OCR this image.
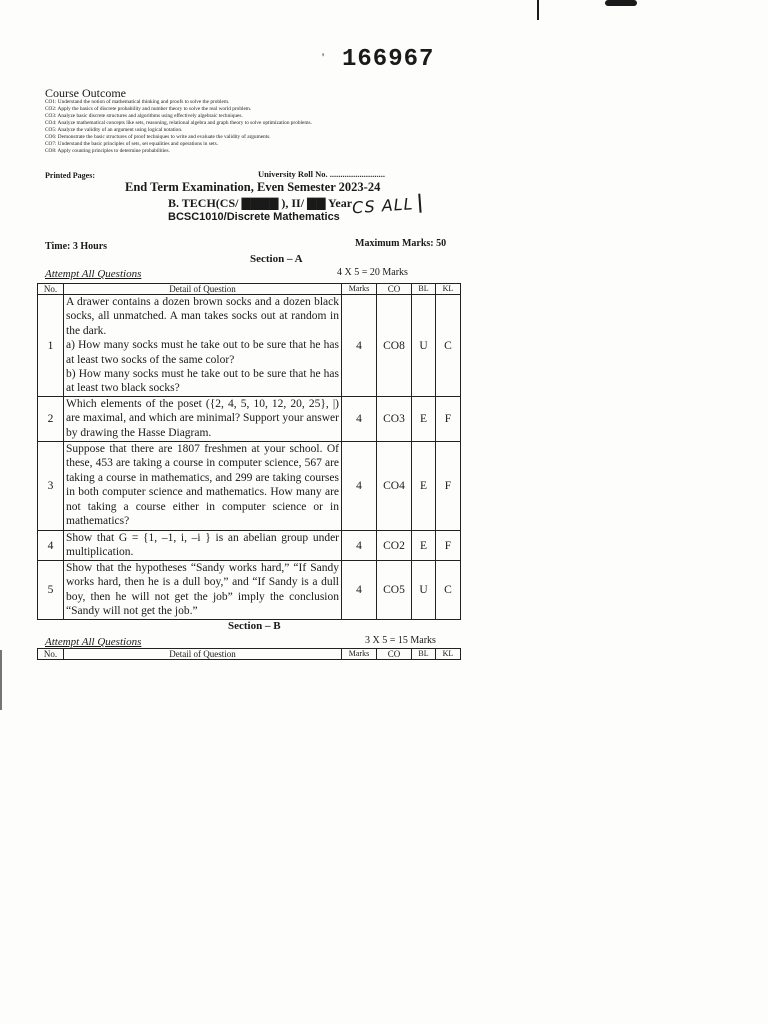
' 166967
Course Outcome
CO1: Understand the notion of mathematical thinking and proofs to solve the problem.
CO2: Apply the basics of discrete probability and number theory to solve the real world problem.
CO3: Analyze basic discrete structures and algorithms using effectively algebraic techniques.
CO4: Analyze mathematical concepts like sets, reasoning, relational algebra and graph theory to solve optimization problems.
CO5: Analyze the validity of an argument using logical notation.
CO6: Demonstrate the basic structures of proof techniques to write and evaluate the validity of arguments.
CO7: Understand the basic principles of sets, set equalities and operations in sets.
CO8: Apply counting principles to determine probabilities.
Printed Pages:	University Roll No. ..........................
End Term Examination, Even Semester 2023-24
B. TECH(CS/ ▇▇▇▇ ), II/ ▇▇ Year
BCSC1010/Discrete Mathematics CS ALL
Time: 3 Hours	Maximum Marks: 50
Section – A
Attempt All Questions	4 X 5 = 20 Marks
No.	Detail of Question	Marks	CO	BL	KL
1	A drawer contains a dozen brown socks and a dozen black socks, all unmatched. A man takes socks out at random in the dark.
a) How many socks must he take out to be sure that he has at least two socks of the same color?
b) How many socks must he take out to be sure that he has at least two black socks?	4	CO8	U	C
2	Which elements of the poset ({2, 4, 5, 10, 12, 20, 25}, |) are maximal, and which are minimal? Support your answer by drawing the Hasse Diagram.	4	CO3	E	F
3	Suppose that there are 1807 freshmen at your school. Of these, 453 are taking a course in computer science, 567 are taking a course in mathematics, and 299 are taking courses in both computer science and mathematics. How many are not taking a course either in computer science or in mathematics?	4	CO4	E	F
4	Show that G = {1, –1, i, –i } is an abelian group under multiplication.	4	CO2	E	F
5	Show that the hypotheses “Sandy works hard,” “If Sandy works hard, then he is a dull boy,” and “If Sandy is a dull boy, then he will not get the job” imply the conclusion “Sandy will not get the job.”	4	CO5	U	C
Section – B
Attempt All Questions	3 X 5 = 15 Marks
No.	Detail of Question	Marks	CO	BL	KL
